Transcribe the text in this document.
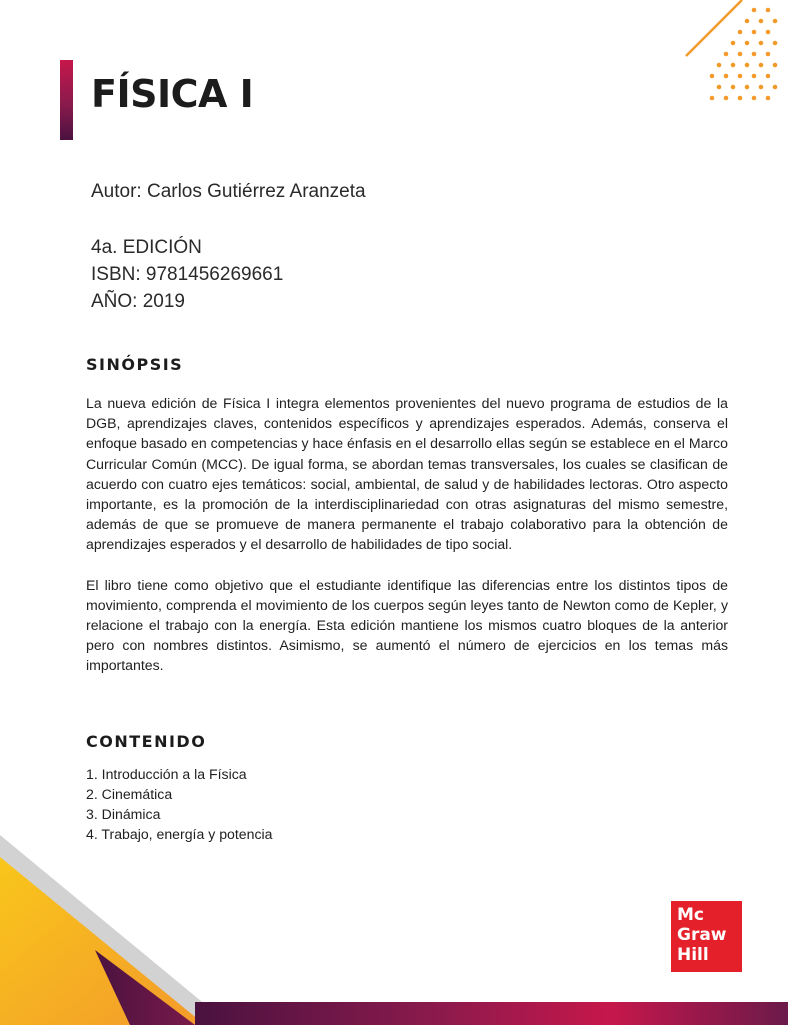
FÍSICA I
Autor: Carlos Gutiérrez Aranzeta
4a. EDICIÓN
ISBN: 9781456269661
AÑO: 2019
SINÓPSIS

La nueva edición de Física I integra elementos provenientes del nuevo programa de estudios de la DGB, aprendizajes claves, contenidos específicos y aprendizajes esperados. Además, conserva el enfoque basado en competencias y hace énfasis en el desarrollo ellas según se establece en el Marco Curricular Común (MCC). De igual forma, se abordan temas transversales, los cuales se clasifican de acuerdo con cuatro ejes temáticos: social, ambiental, de salud y de habilidades lectoras. Otro aspecto importante, es la promoción de la interdisciplinariedad con otras asignaturas del mismo semestre, además de que se promueve de manera permanente el trabajo colaborativo para la obtención de aprendizajes esperados y el desarrollo de habilidades de tipo social.

El libro tiene como objetivo que el estudiante identifique las diferencias entre los distintos tipos de movimiento, comprenda el movimiento de los cuerpos según leyes tanto de Newton como de Kepler, y relacione el trabajo con la energía. Esta edición mantiene los mismos cuatro bloques de la anterior pero con nombres distintos. Asimismo, se aumentó el número de ejercicios en los temas más importantes.

CONTENIDO
1. Introducción a la Física
2. Cinemática
3. Dinámica
4. Trabajo, energía y potencia
Mc
Graw
Hill
